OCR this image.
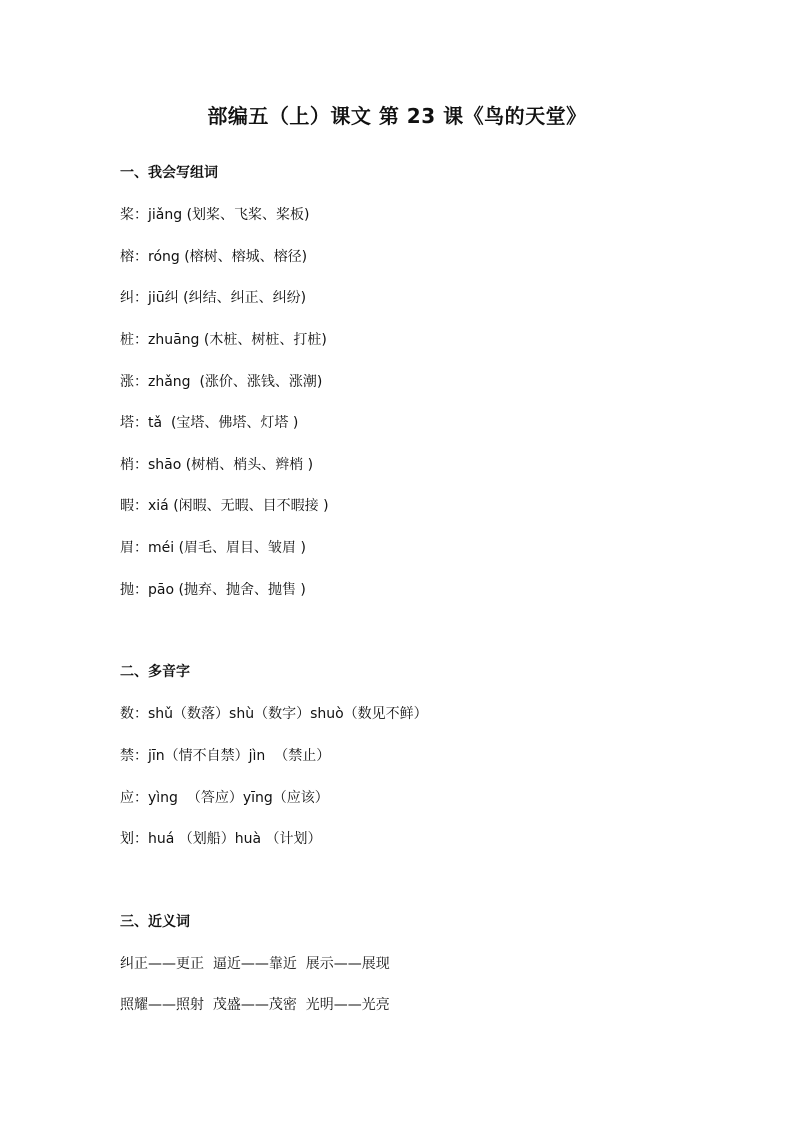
部编五（上）课文 第 23 课《鸟的天堂》
一、我会写组词
桨：jiǎng (划桨、飞桨、桨板)
榕：róng (榕树、榕城、榕径)
纠：jiū纠 (纠结、纠正、纠纷)
桩：zhuāng (木桩、树桩、打桩)
涨：zhǎng  (涨价、涨钱、涨潮)
塔：tǎ  (宝塔、佛塔、灯塔 )
梢：shāo (树梢、梢头、辫梢 )
暇：xiá (闲暇、无暇、目不暇接 )
眉：méi (眉毛、眉目、皱眉 )
抛：pāo (抛弃、抛舍、抛售 )
二、多音字
数：shǔ（数落）shù（数字）shuò（数见不鲜）
禁：jīn（情不自禁）jìn  （禁止）
应：yìng  （答应）yīng（应该）
划：huá （划船）huà （计划）
三、近义词
纠正——更正  逼近——靠近  展示——展现
照耀——照射  茂盛——茂密  光明——光亮
